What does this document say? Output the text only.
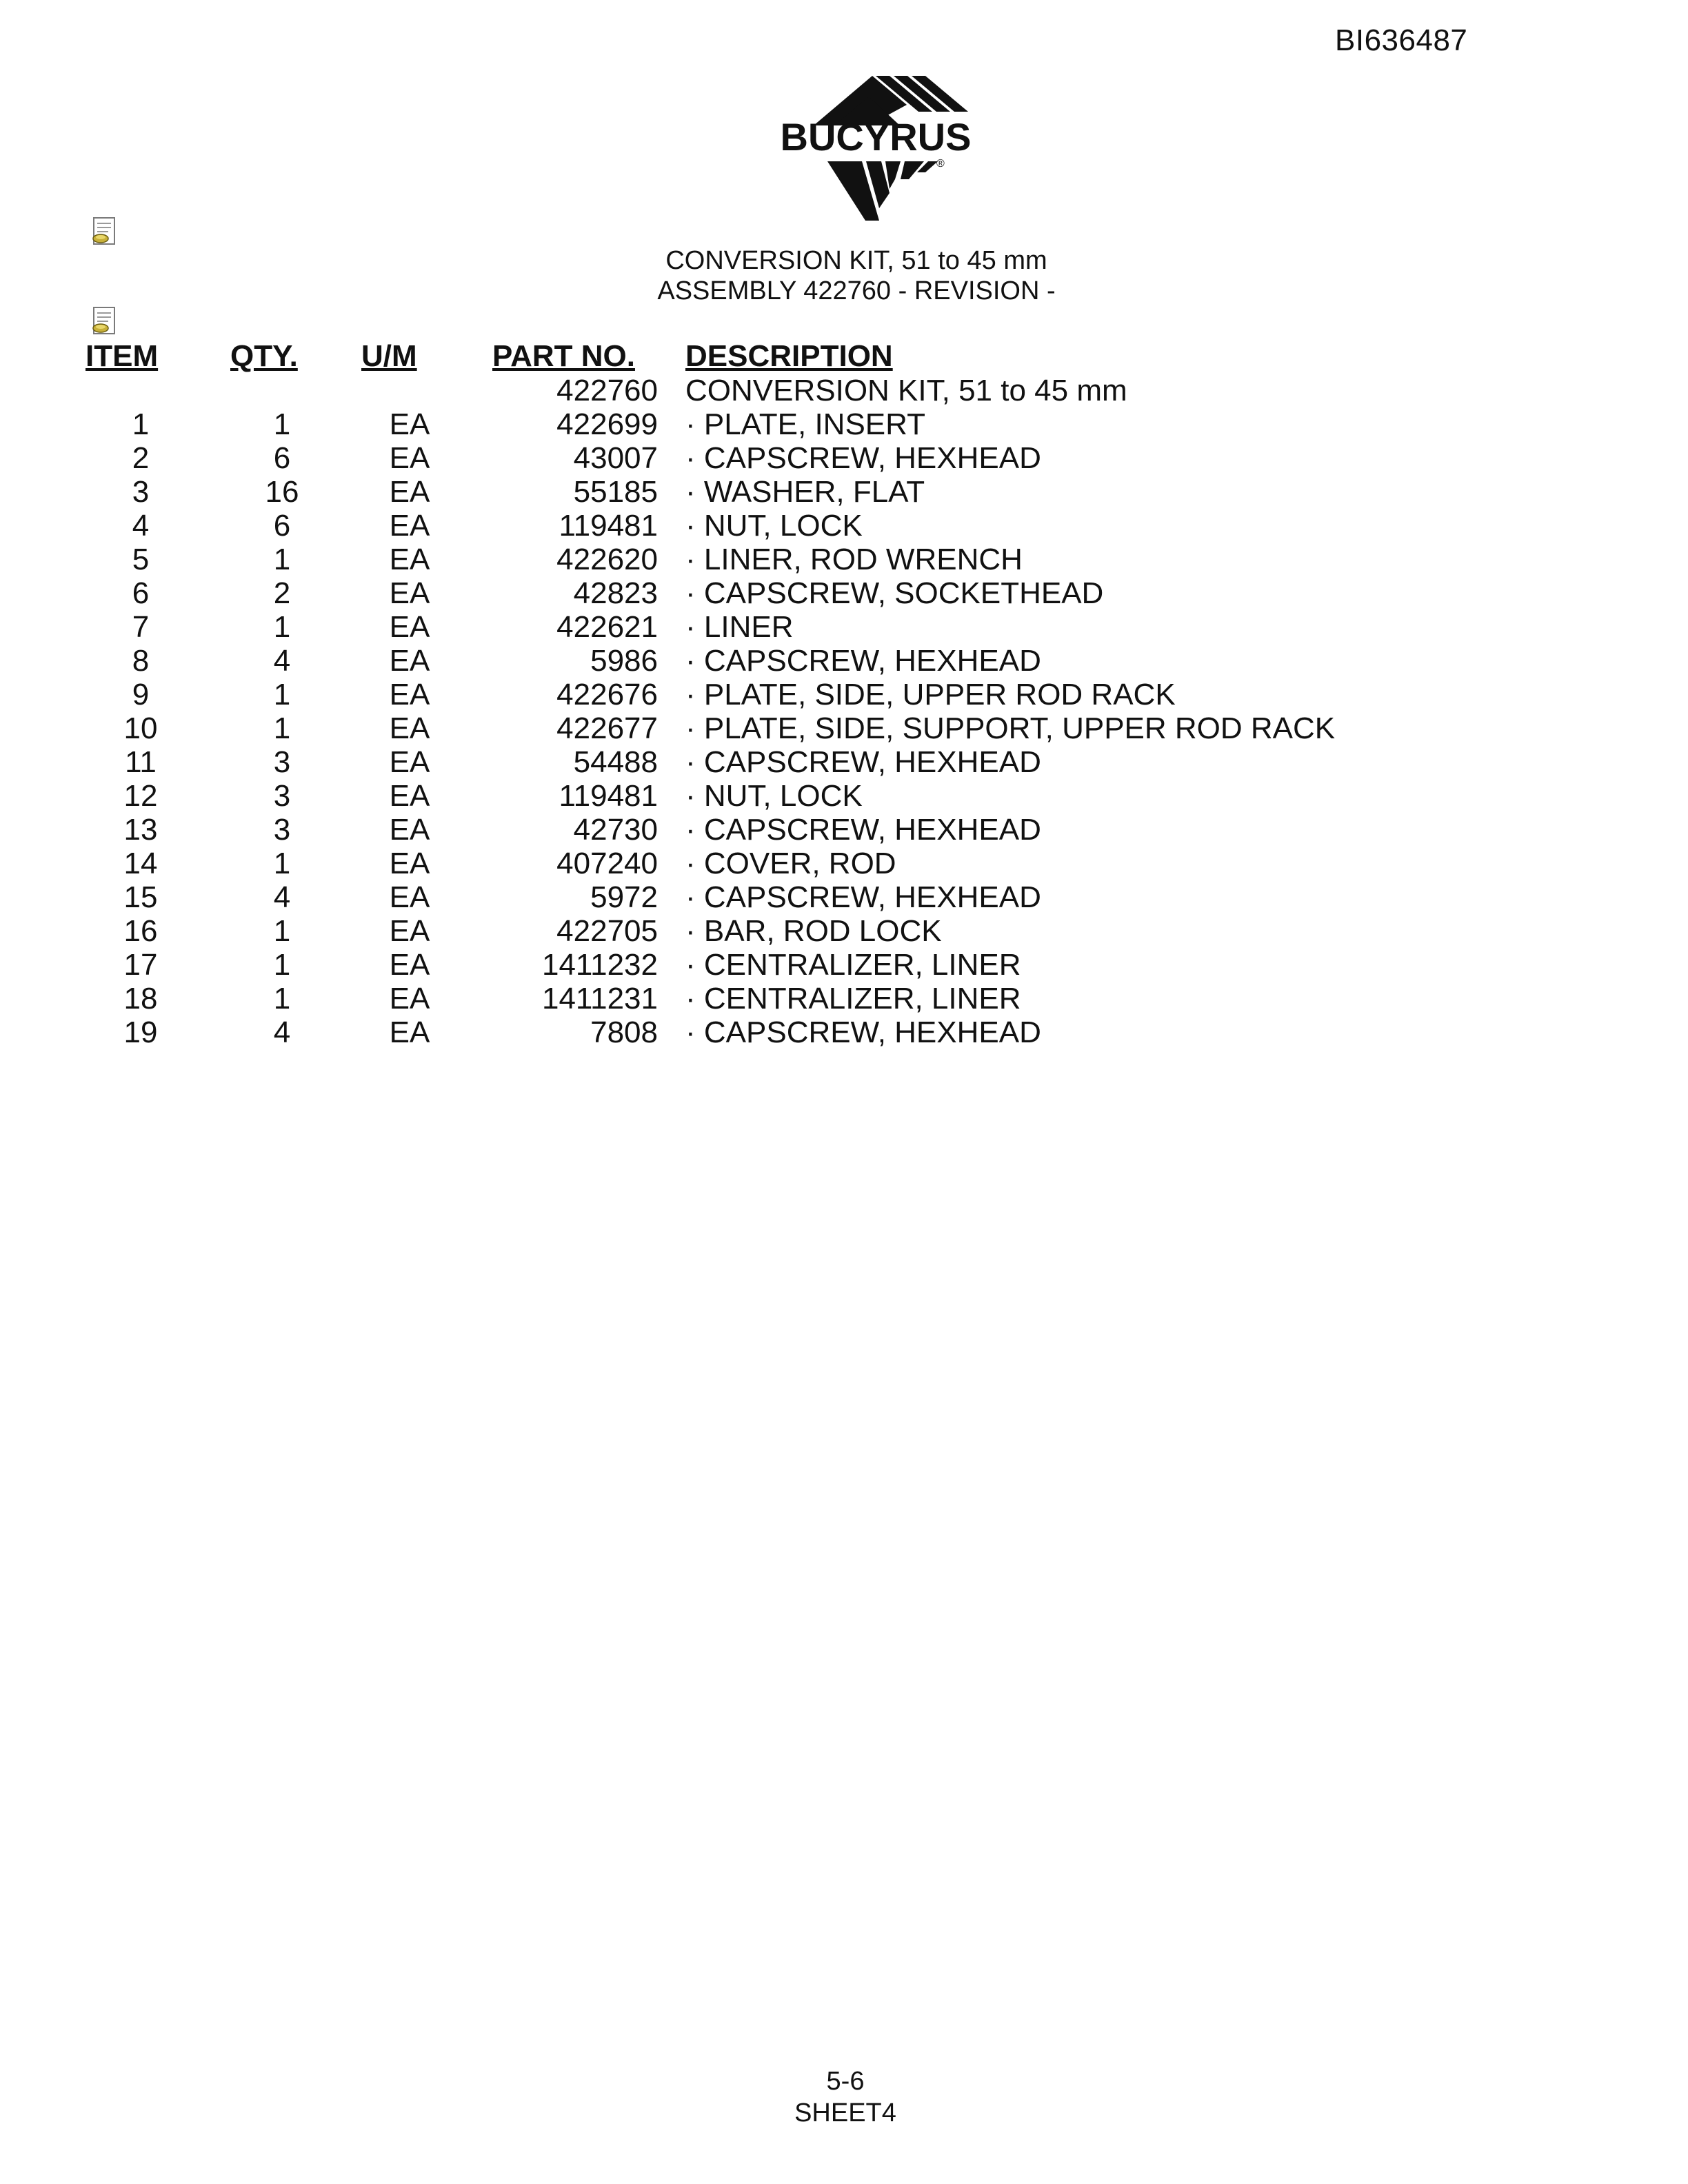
BI636487
BUCYRUS
®
CONVERSION KIT, 51 to 45 mm
ASSEMBLY 422760 - REVISION -
ITEM	QTY.	U/M	PART NO.	DESCRIPTION
			422760	CONVERSION KIT, 51 to 45 mm
1	1	EA	422699	· PLATE, INSERT
2	6	EA	43007	· CAPSCREW, HEXHEAD
3	16	EA	55185	· WASHER, FLAT
4	6	EA	119481	· NUT, LOCK
5	1	EA	422620	· LINER, ROD WRENCH
6	2	EA	42823	· CAPSCREW, SOCKETHEAD
7	1	EA	422621	· LINER
8	4	EA	5986	· CAPSCREW, HEXHEAD
9	1	EA	422676	· PLATE, SIDE, UPPER ROD RACK
10	1	EA	422677	· PLATE, SIDE, SUPPORT, UPPER ROD RACK
11	3	EA	54488	· CAPSCREW, HEXHEAD
12	3	EA	119481	· NUT, LOCK
13	3	EA	42730	· CAPSCREW, HEXHEAD
14	1	EA	407240	· COVER, ROD
15	4	EA	5972	· CAPSCREW, HEXHEAD
16	1	EA	422705	· BAR, ROD LOCK
17	1	EA	1411232	· CENTRALIZER, LINER
18	1	EA	1411231	· CENTRALIZER, LINER
19	4	EA	7808	· CAPSCREW, HEXHEAD
5-6
SHEET4
